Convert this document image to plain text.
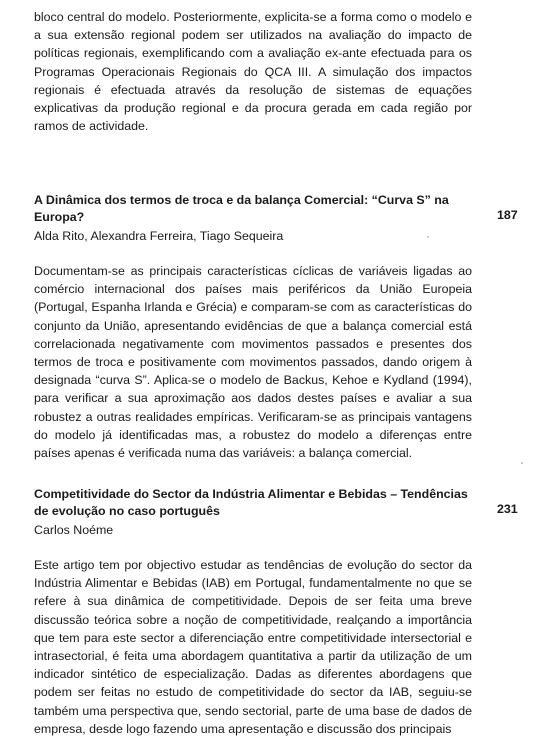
bloco central do modelo. Posteriormente, explicita-se a forma como o modelo e a sua extensão regional podem ser utilizados na avaliação do impacto de políticas regionais, exemplificando com a avaliação ex-ante efectuada para os Programas Operacionais Regionais do QCA III. A simulação dos impactos regionais é efectuada através da resolução de sistemas de equações explicativas da produção regional e da procura gerada em cada região por ramos de actividade.

A Dinâmica dos termos de troca e da balança Comercial: “Curva S” na Europa?	187
Alda Rito, Alexandra Ferreira, Tiago Sequeira

Documentam-se as principais características cíclicas de variáveis ligadas ao comércio internacional dos países mais periféricos da União Europeia (Portugal, Espanha Irlanda e Grécia) e comparam-se com as características do conjunto da União, apresentando evidências de que a balança comercial está correlacionada negativamente com movimentos passados e presentes dos termos de troca e positivamente com movimentos passados, dando origem à designada “curva S”. Aplica-se o modelo de Backus, Kehoe e Kydland (1994), para verificar a sua aproximação aos dados destes países e avaliar a sua robustez a outras realidades empíricas. Verificaram-se as principais vantagens do modelo já identificadas mas, a robustez do modelo a diferenças entre países apenas é verificada numa das variáveis: a balança comercial.

Competitividade do Sector da Indústria Alimentar e Bebidas – Tendências de evolução no caso português	231
Carlos Noéme

Este artigo tem por objectivo estudar as tendências de evolução do sector da Indústria Alimentar e Bebidas (IAB) em Portugal, fundamentalmente no que se refere à sua dinâmica de competitividade. Depois de ser feita uma breve discussão teórica sobre a noção de competitividade, realçando a importância que tem para este sector a diferenciação entre competitividade intersectorial e intrasectorial, é feita uma abordagem quantitativa a partir da utilização de um indicador sintético de especialização. Dadas as diferentes abordagens que podem ser feitas no estudo de competitividade do sector da IAB, seguiu-se também uma perspectiva que, sendo sectorial, parte de uma base de dados de empresa, desde logo fazendo uma apresentação e discussão dos principais
